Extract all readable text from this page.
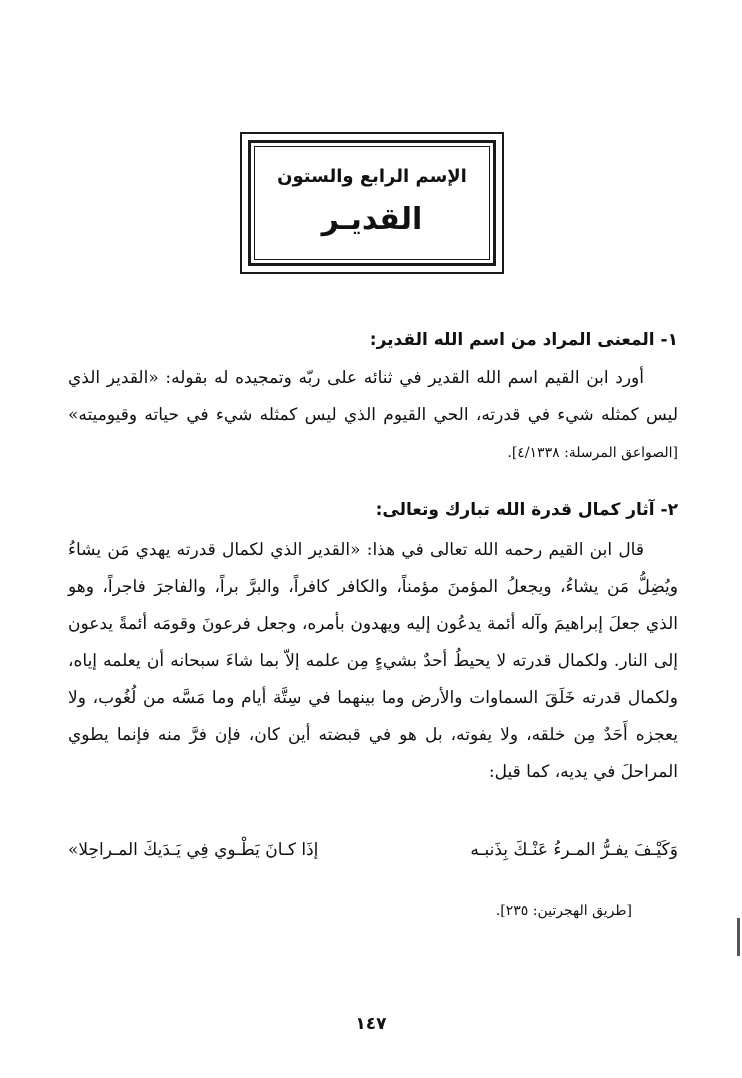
الإسم الرابع والستون
القديـر
١- المعنى المراد من اسم الله القدير:
أورد ابن القيم اسم الله القدير في ثنائه على ربّه وتمجيده له بقوله: «القدير الذي ليس كمثله شيء في قدرته، الحي القيوم الذي ليس كمثله شيء في حياته وقيوميته» [الصواعق المرسلة: ٤/١٣٣٨].
٢- آثار كمال قدرة الله تبارك وتعالى:
قال ابن القيم رحمه الله تعالى في هذا: «القدير الذي لكمال قدرته يهدي مَن يشاءُ ويُضِلُّ مَن يشاءُ، ويجعلُ المؤمنَ مؤمناً، والكافر كافراً، والبرَّ براً، والفاجرَ فاجراً، وهو الذي جعلَ إبراهيمَ وآله أئمة يدعُون إليه ويهدون بأمره، وجعل فرعونَ وقومَه أئمةً يدعون إلى النار. ولكمال قدرته لا يحيطُ أحدٌ بشيءٍ مِن علمه إلاّ بما شاءَ سبحانه أن يعلمه إياه، ولكمال قدرته خَلَقَ السماوات والأرض وما بينهما في سِتَّة أيام وما مَسَّه من لُغُوب، ولا يعجزه أَحَدٌ مِن خلقه، ولا يفوته، بل هو في قبضته أين كان، فإن فرَّ منه فإنما يطوي المراحلَ في يديه، كما قيل:
وَكَيْـفَ يفـرُّ المـرءُ عَنْـكَ بِذَنبـه
إذَا كـانَ يَطْـوي فِي يَـدَيكَ المـراحِلا»
[طريق الهجرتين: ٢٣٥].
١٤٧
